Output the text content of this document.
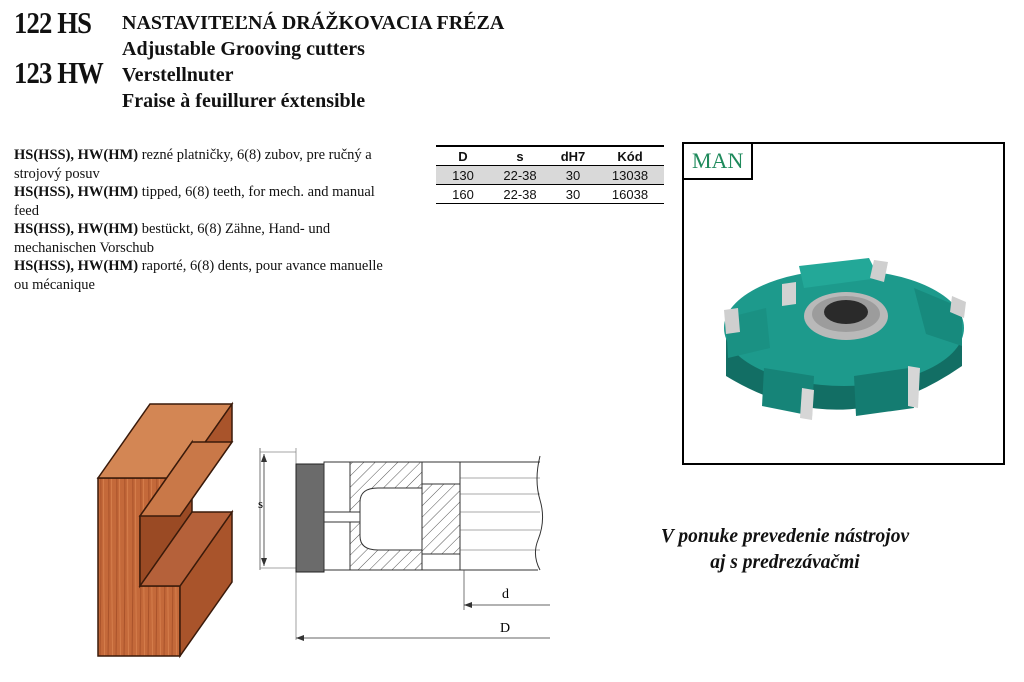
122 HS
123 HW
NASTAVITEĽNÁ DRÁŽKOVACIA FRÉZA
Adjustable Grooving cutters
Verstellnuter
Fraise à feuillurer éxtensible
HS(HSS), HW(HM) rezné platničky, 6(8) zubov, pre ručný a strojový posuv
HS(HSS), HW(HM) tipped, 6(8) teeth, for mech. and manual feed
HS(HSS), HW(HM) bestückt, 6(8) Zähne, Hand- und mechanischen Vorschub
HS(HSS), HW(HM) raporté, 6(8) dents, pour avance manuelle ou mécanique
D	s	dH7	Kód
130	22-38	30	13038
160	22-38	30	16038
MAN
s
d
D
V ponuke prevedenie nástrojov
aj s predrezávačmi
